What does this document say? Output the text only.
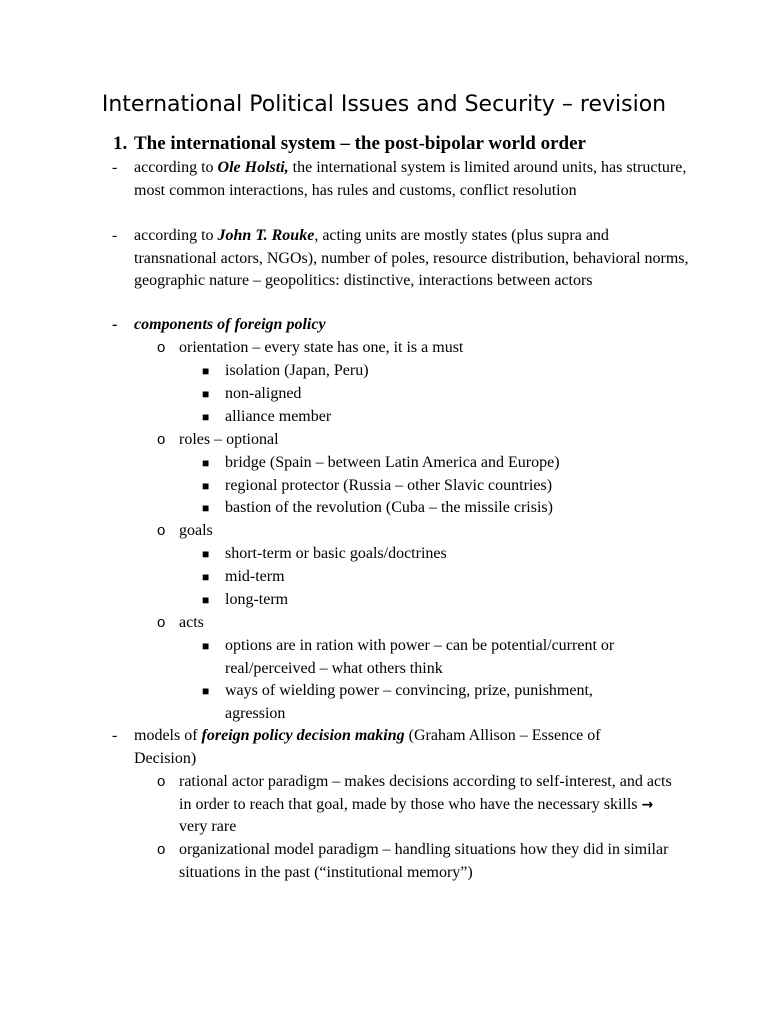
International Political Issues and Security – revision
1. The international system – the post-bipolar world order
- according to Ole Holsti, the international system is limited around units, has structure, most common interactions, has rules and customs, conflict resolution
- according to John T. Rouke, acting units are mostly states (plus supra and transnational actors, NGOs), number of poles, resource distribution, behavioral norms, geographic nature – geopolitics: distinctive, interactions between actors
- components of foreign policy
o orientation – every state has one, it is a must
■ isolation (Japan, Peru)
■ non-aligned
■ alliance member
o roles – optional
■ bridge (Spain – between Latin America and Europe)
■ regional protector (Russia – other Slavic countries)
■ bastion of the revolution (Cuba – the missile crisis)
o goals
■ short-term or basic goals/doctrines
■ mid-term
■ long-term
o acts
■ options are in ration with power – can be potential/current or real/perceived – what others think
■ ways of wielding power – convincing, prize, punishment, agression
- models of foreign policy decision making (Graham Allison – Essence of Decision)
o rational actor paradigm – makes decisions according to self-interest, and acts in order to reach that goal, made by those who have the necessary skills → very rare
o organizational model paradigm – handling situations how they did in similar situations in the past (“institutional memory”)
